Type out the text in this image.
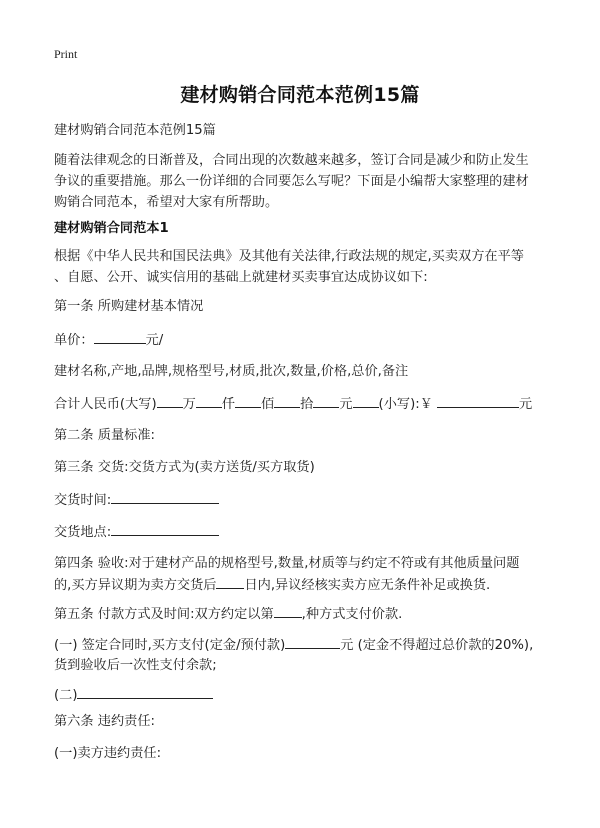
Print
建材购销合同范本范例15篇
建材购销合同范本范例15篇
随着法律观念的日渐普及，合同出现的次数越来越多，签订合同是减少和防止发生
争议的重要措施。那么一份详细的合同要怎么写呢？下面是小编帮大家整理的建材
购销合同范本，希望对大家有所帮助。
建材购销合同范本1
根据《中华人民共和国民法典》及其他有关法律,行政法规的规定,买卖双方在平等
、自愿、公开、诚实信用的基础上就建材买卖事宜达成协议如下:
第一条 所购建材基本情况
单价：	元/
建材名称,产地,品牌,规格型号,材质,批次,数量,价格,总价,备注
合计人民币(大写) 万 仟 佰 拾 元 (小写):￥	元
第二条 质量标准:
第三条 交货:交货方式为(卖方送货/买方取货)
交货时间:
交货地点:
第四条 验收:对于建材产品的规格型号,数量,材质等与约定不符或有其他质量问题
的,买方异议期为卖方交货后 日内,异议经核实卖方应无条件补足或换货.
第五条 付款方式及时间:双方约定以第 ,种方式支付价款.
(一) 签定合同时,买方支付(定金/预付款)	元 (定金不得超过总价款的20%),
货到验收后一次性支付余款;
(二)
第六条 违约责任:
(一)卖方违约责任:
